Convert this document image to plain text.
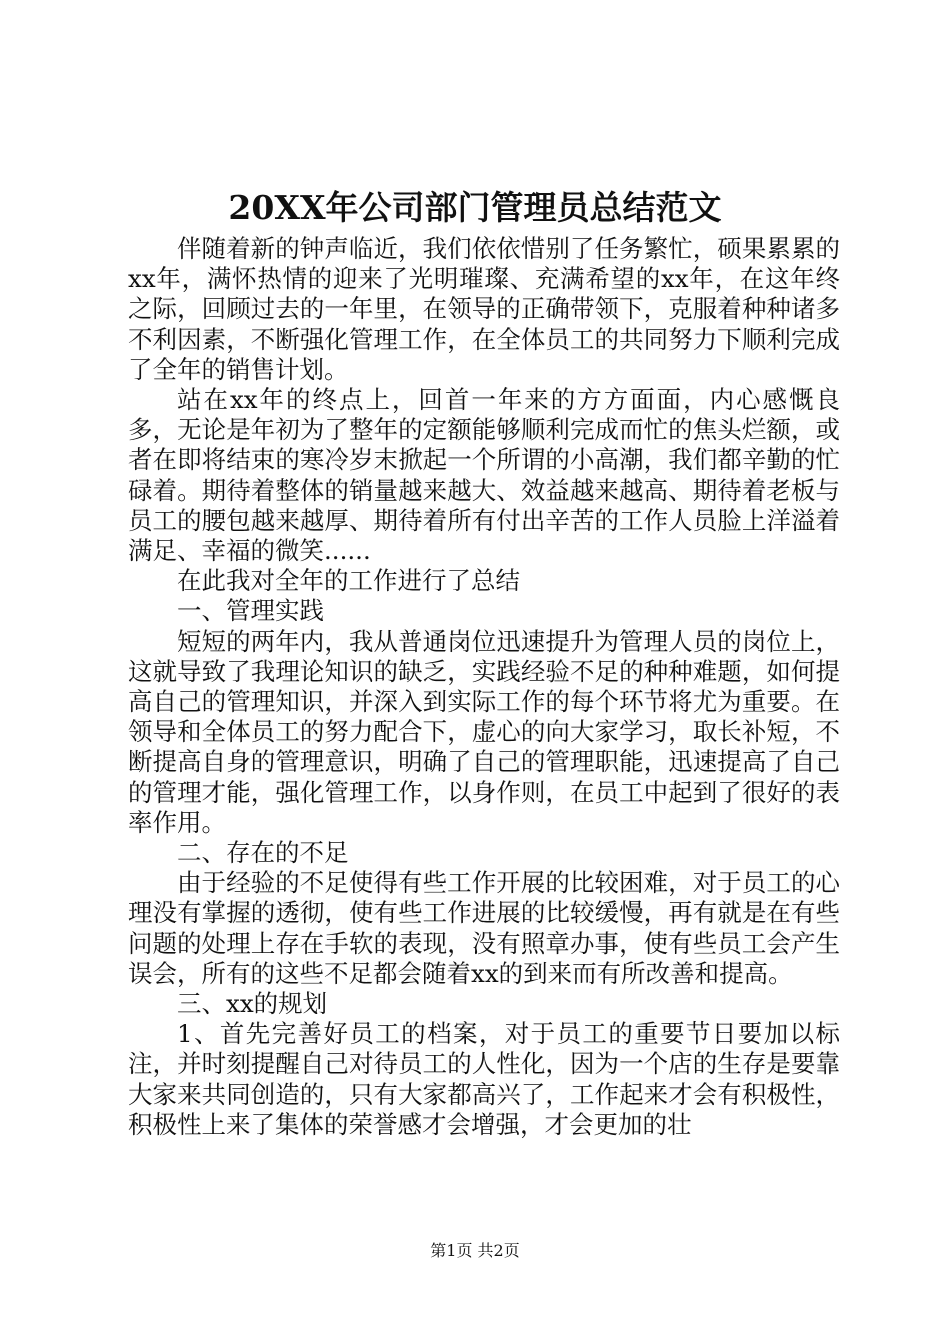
20XX年公司部门管理员总结范文

伴随着新的钟声临近，我们依依惜别了任务繁忙，硕果累累的xx年，满怀热情的迎来了光明璀璨、充满希望的xx年，在这年终之际，回顾过去的一年里，在领导的正确带领下，克服着种种诸多不利因素，不断强化管理工作，在全体员工的共同努力下顺利完成了全年的销售计划。

站在xx年的终点上，回首一年来的方方面面，内心感慨良多，无论是年初为了整年的定额能够顺利完成而忙的焦头烂额，或者在即将结束的寒冷岁末掀起一个所谓的小高潮，我们都辛勤的忙碌着。期待着整体的销量越来越大、效益越来越高、期待着老板与员工的腰包越来越厚、期待着所有付出辛苦的工作人员脸上洋溢着满足、幸福的微笑......

在此我对全年的工作进行了总结

一、管理实践

短短的两年内，我从普通岗位迅速提升为管理人员的岗位上，这就导致了我理论知识的缺乏，实践经验不足的种种难题，如何提高自己的管理知识，并深入到实际工作的每个环节将尤为重要。在领导和全体员工的努力配合下，虚心的向大家学习，取长补短，不断提高自身的管理意识，明确了自己的管理职能，迅速提高了自己的管理才能，强化管理工作，以身作则，在员工中起到了很好的表率作用。

二、存在的不足

由于经验的不足使得有些工作开展的比较困难，对于员工的心理没有掌握的透彻，使有些工作进展的比较缓慢，再有就是在有些问题的处理上存在手软的表现，没有照章办事，使有些员工会产生误会，所有的这些不足都会随着xx的到来而有所改善和提高。

三、xx的规划

1、首先完善好员工的档案，对于员工的重要节日要加以标注，并时刻提醒自己对待员工的人性化，因为一个店的生存是要靠大家来共同创造的，只有大家都高兴了，工作起来才会有积极性，积极性上来了集体的荣誉感才会增强，才会更加的壮

第1页 共2页
